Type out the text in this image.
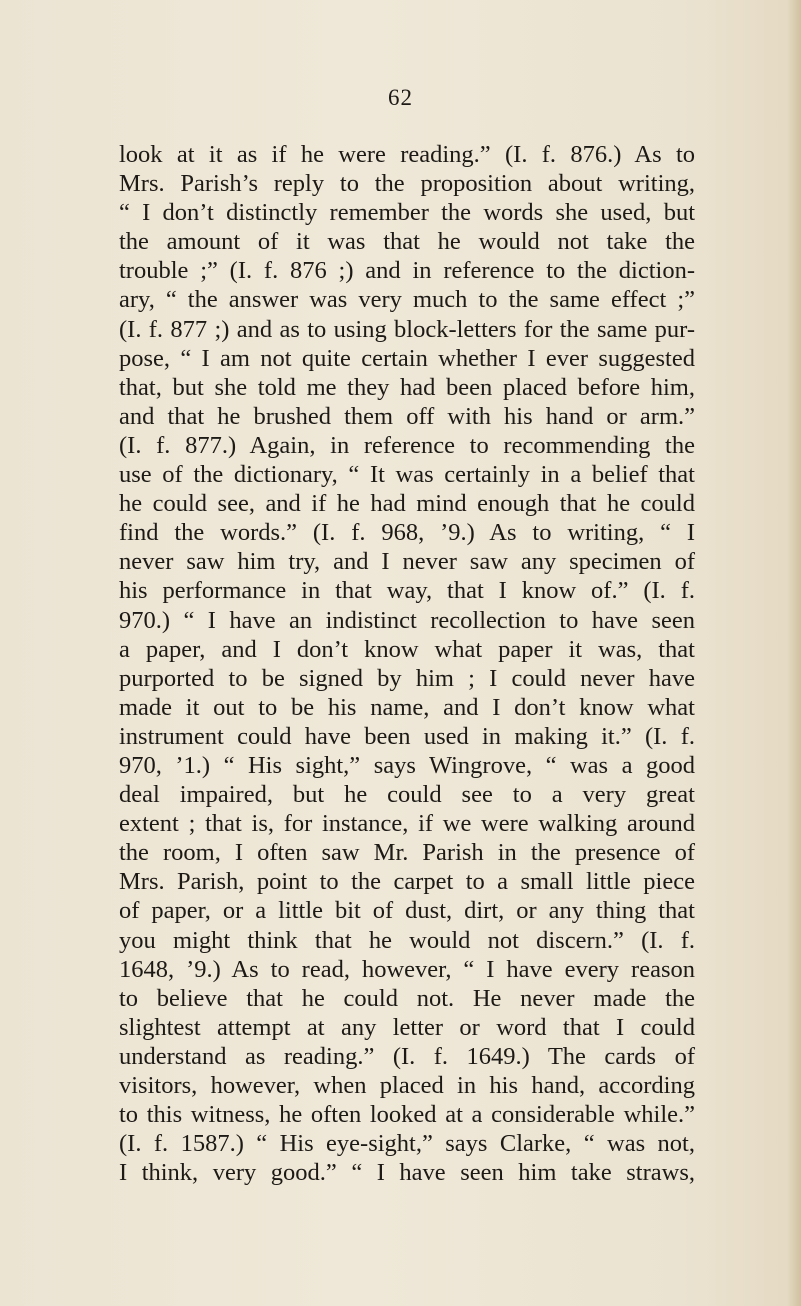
62
look at it as if he were reading.” (I. f. 876.) As to
Mrs. Parish’s reply to the proposition about writing,
“ I don’t distinctly remember the words she used, but
the amount of it was that he would not take the
trouble ;” (I. f. 876 ;) and in reference to the diction-
ary, “ the answer was very much to the same effect ;”
(I. f. 877 ;) and as to using block-letters for the same pur-
pose, “ I am not quite certain whether I ever suggested
that, but she told me they had been placed before him,
and that he brushed them off with his hand or arm.”
(I. f. 877.) Again, in reference to recommending the
use of the dictionary, “ It was certainly in a belief that
he could see, and if he had mind enough that he could
find the words.” (I. f. 968, ’9.) As to writing, “ I
never saw him try, and I never saw any specimen of
his performance in that way, that I know of.” (I. f.
970.) “ I have an indistinct recollection to have seen
a paper, and I don’t know what paper it was, that
purported to be signed by him ; I could never have
made it out to be his name, and I don’t know what
instrument could have been used in making it.” (I. f.
970, ’1.) “ His sight,” says Wingrove, “ was a good
deal impaired, but he could see to a very great
extent ; that is, for instance, if we were walking around
the room, I often saw Mr. Parish in the presence of
Mrs. Parish, point to the carpet to a small little piece
of paper, or a little bit of dust, dirt, or any thing that
you might think that he would not discern.” (I. f.
1648, ’9.) As to read, however, “ I have every reason
to believe that he could not. He never made the
slightest attempt at any letter or word that I could
understand as reading.” (I. f. 1649.) The cards of
visitors, however, when placed in his hand, according
to this witness, he often looked at a considerable while.”
(I. f. 1587.) “ His eye-sight,” says Clarke, “ was not,
I think, very good.” “ I have seen him take straws,
